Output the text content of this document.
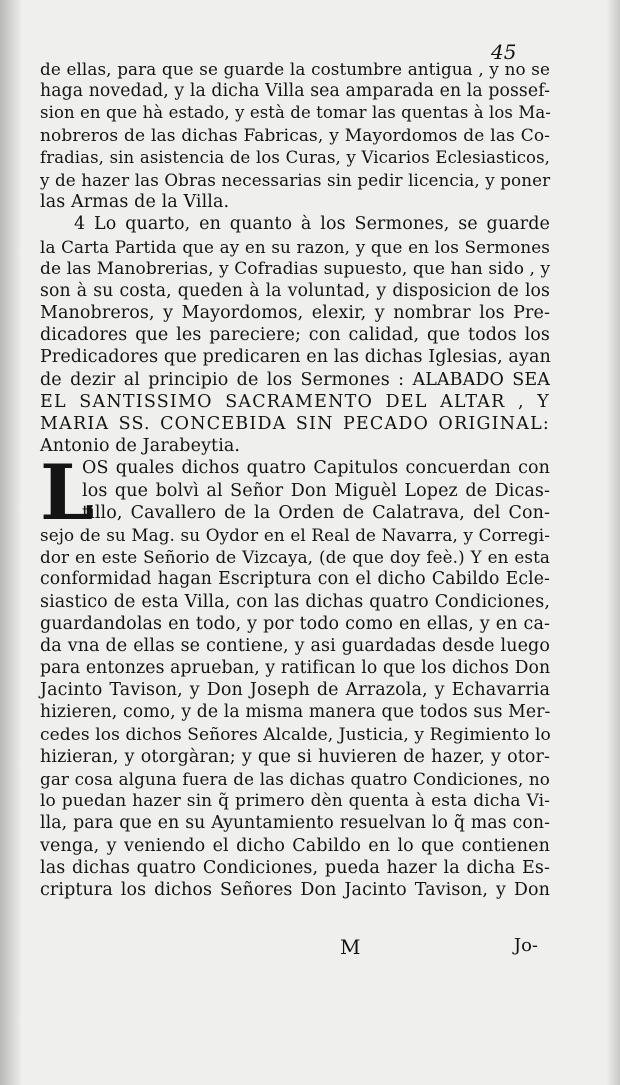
45
de ellas, para que se guarde la costumbre antigua , y no se
haga novedad, y la dicha Villa sea amparada en la possef-
sion en que hà estado, y està de tomar las quentas à los Ma-
nobreros de las dichas Fabricas, y Mayordomos de las Co-
fradias, sin asistencia de los Curas, y Vicarios Eclesiasticos,
y de hazer las Obras necessarias sin pedir licencia, y poner
las Armas de la Villa.
4 Lo quarto, en quanto à los Sermones, se guarde
la Carta Partida que ay en su razon, y que en los Sermones
de las Manobrerias, y Cofradias supuesto, que han sido , y
son à su costa, queden à la voluntad, y disposicion de los
Manobreros, y Mayordomos, elexir, y nombrar los Pre-
dicadores que les pareciere; con calidad, que todos los
Predicadores que predicaren en las dichas Iglesias, ayan
de dezir al principio de los Sermones : ALABADO SEA
EL SANTISSIMO SACRAMENTO DEL ALTAR , Y
MARIA SS. CONCEBIDA SIN PECADO ORIGINAL:
Antonio de Jarabeytia.
L
OS quales dichos quatro Capitulos concuerdan con
los que bolvì al Señor Don Miguèl Lopez de Dicas-
tillo, Cavallero de la Orden de Calatrava, del Con-
sejo de su Mag. su Oydor en el Real de Navarra, y Corregi-
dor en este Señorio de Vizcaya, (de que doy feè.) Y en esta
conformidad hagan Escriptura con el dicho Cabildo Ecle-
siastico de esta Villa, con las dichas quatro Condiciones,
guardandolas en todo, y por todo como en ellas, y en ca-
da vna de ellas se contiene, y asi guardadas desde luego
para entonzes aprueban, y ratifican lo que los dichos Don
Jacinto Tavison, y Don Joseph de Arrazola, y Echavarria
hizieren, como, y de la misma manera que todos sus Mer-
cedes los dichos Señores Alcalde, Justicia, y Regimiento lo
hizieran, y otorgàran; y que si huvieren de hazer, y otor-
gar cosa alguna fuera de las dichas quatro Condiciones, no
lo puedan hazer sin q̃ primero dèn quenta à esta dicha Vi-
lla, para que en su Ayuntamiento resuelvan lo q̃ mas con-
venga, y veniendo el dicho Cabildo en lo que contienen
las dichas quatro Condiciones, pueda hazer la dicha Es-
criptura los dichos Señores Don Jacinto Tavison, y Don
M	Jo-
